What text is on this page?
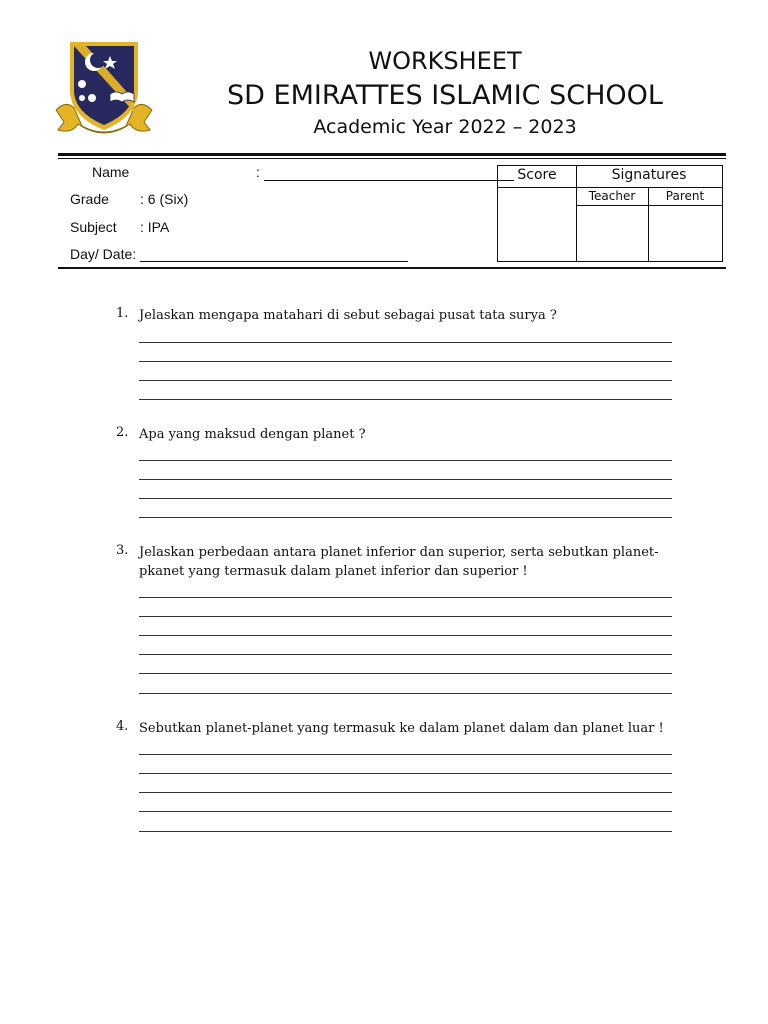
WORKSHEET
SD EMIRATTES ISLAMIC SCHOOL
Academic Year 2022 – 2023
Name	:
Grade : 6 (Six)
Subject : IPA
Day/ Date:
Score	Signatures
Teacher	Parent
1. Jelaskan mengapa matahari di sebut sebagai pusat tata surya ?
2. Apa yang maksud dengan planet ?
3. Jelaskan perbedaan antara planet inferior dan superior, serta sebutkan planet-pkanet yang termasuk dalam planet inferior dan superior !
4. Sebutkan planet-planet yang termasuk ke dalam planet dalam dan planet luar !
